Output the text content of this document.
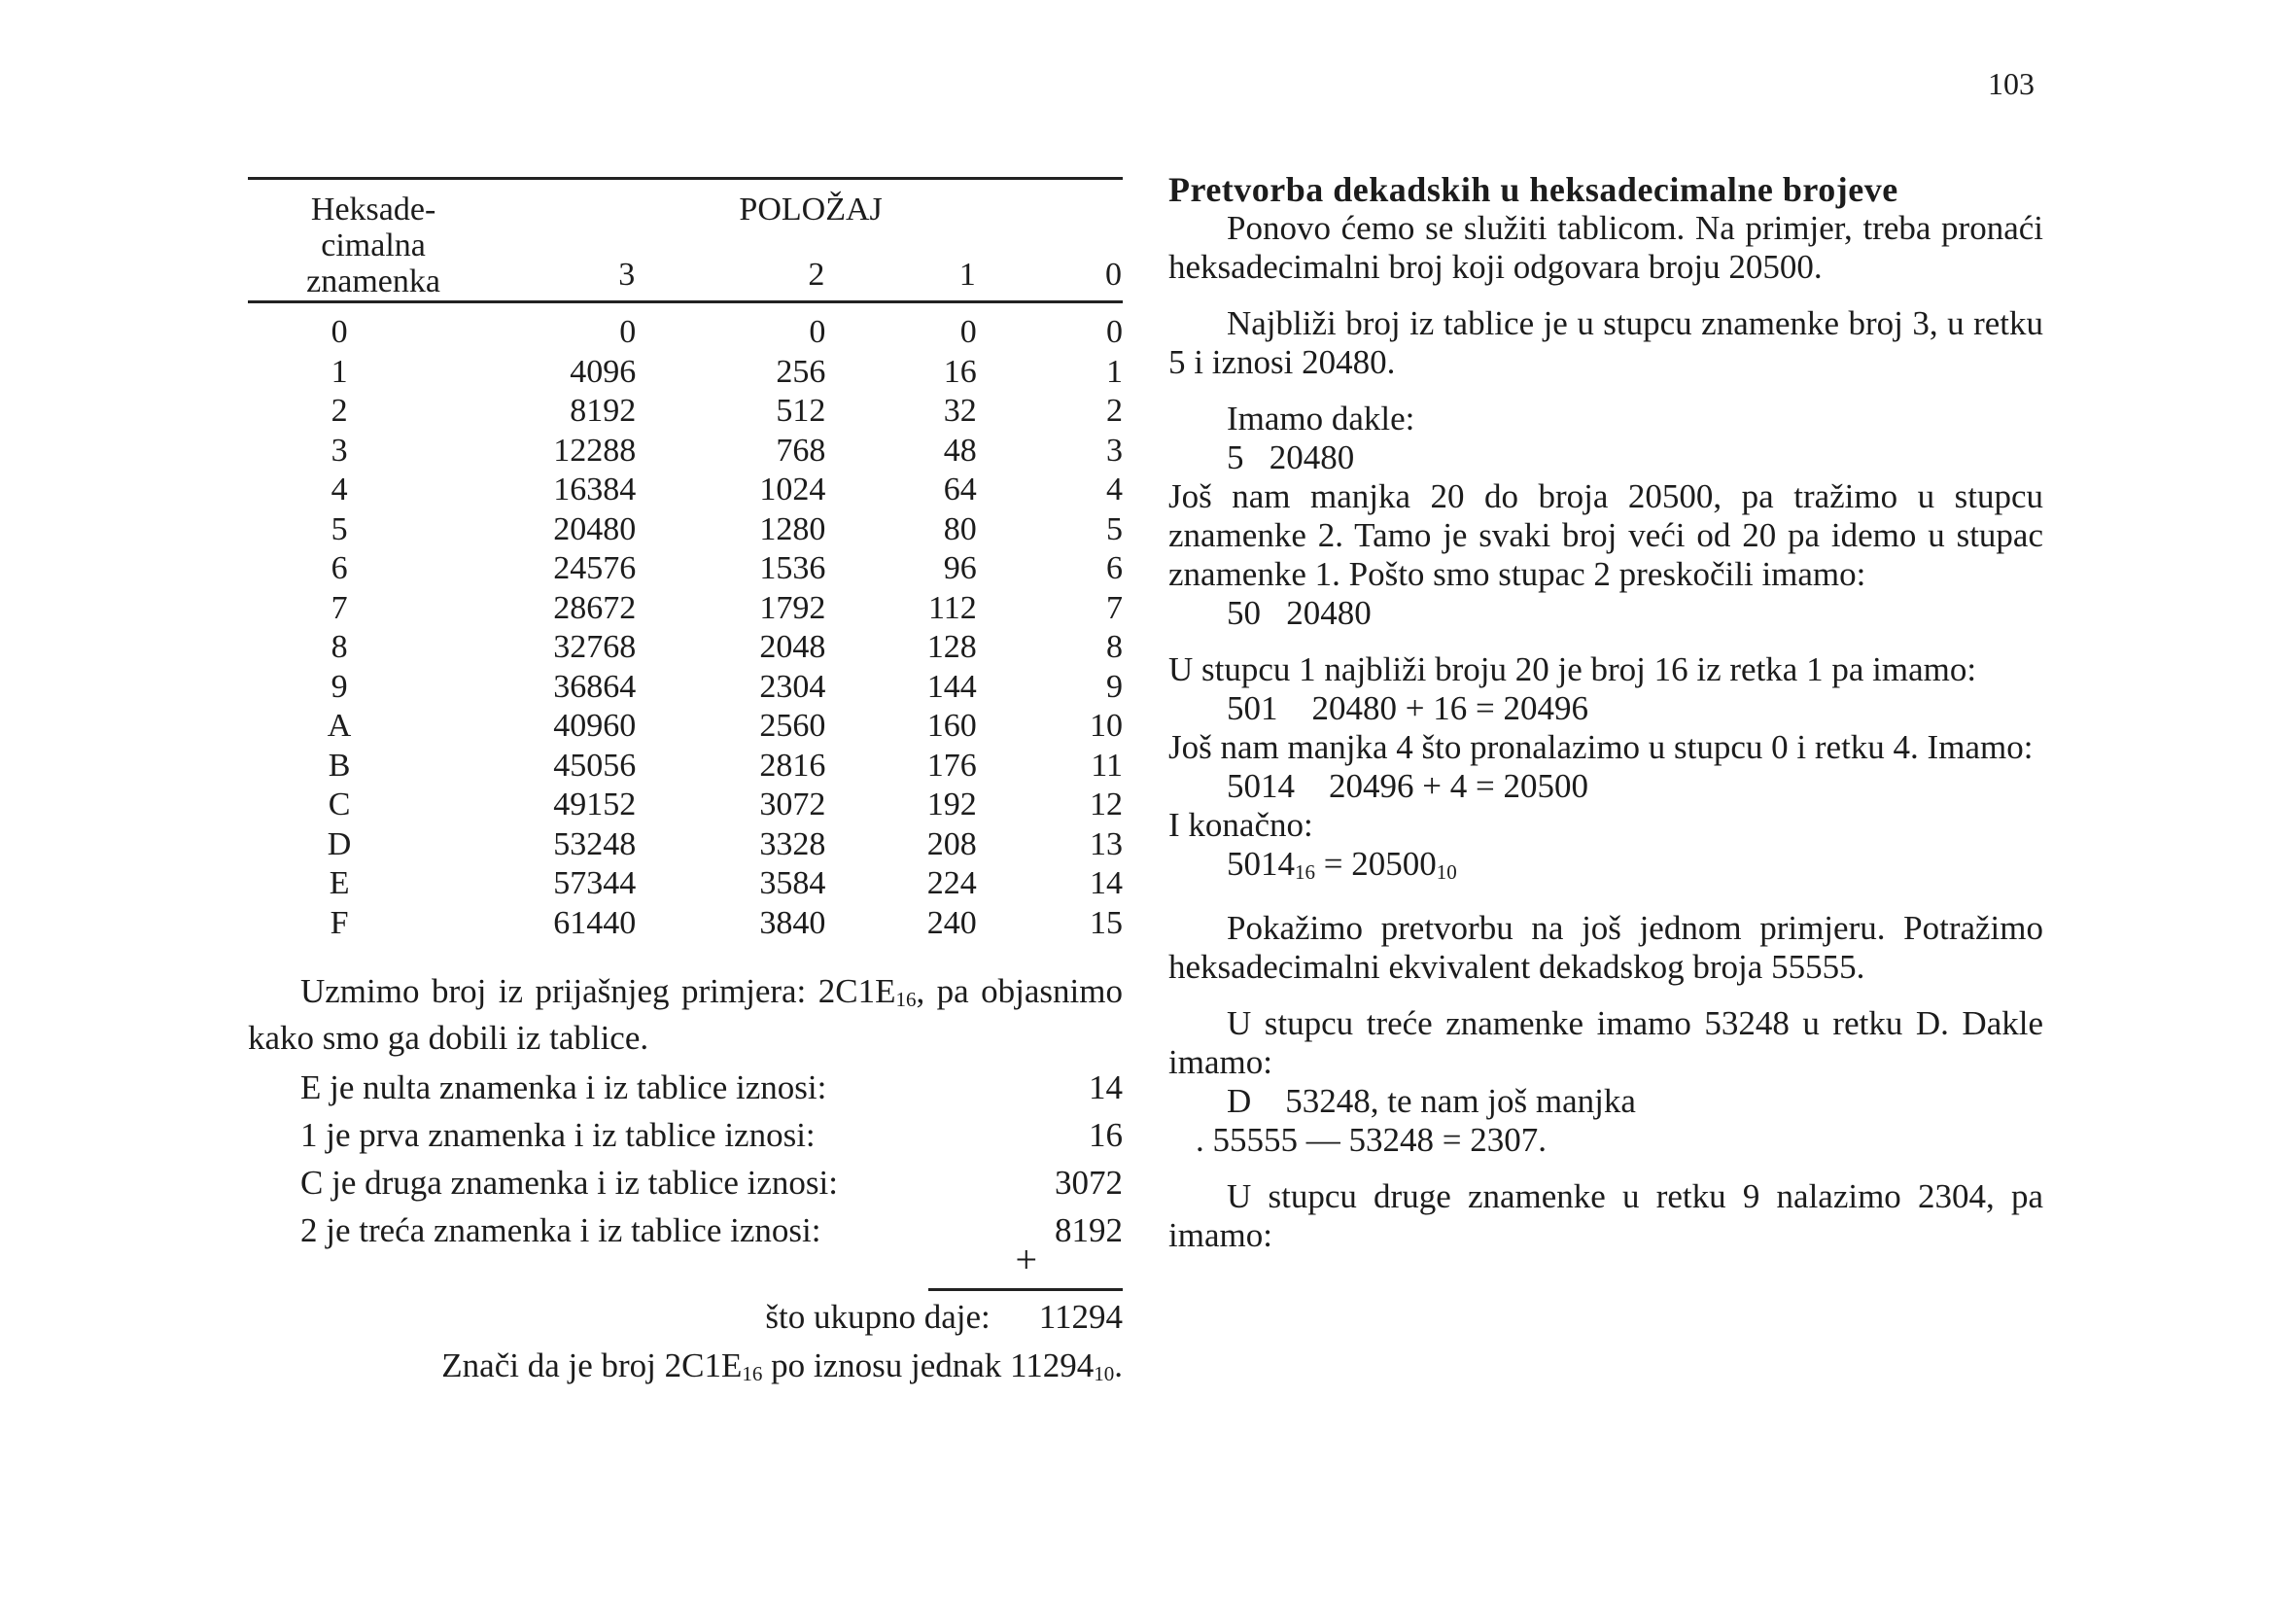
103

Heksade-
cimalna
znamenka	POLOŽAJ			
	3	2	1	0

0	0	0	0	0
1	4096	256	16	1
2	8192	512	32	2
3	12288	768	48	3
4	16384	1024	64	4
5	20480	1280	80	5
6	24576	1536	96	6
7	28672	1792	112	7
8	32768	2048	128	8
9	36864	2304	144	9
A	40960	2560	160	10
B	45056	2816	176	11
C	49152	3072	192	12
D	53248	3328	208	13
E	57344	3584	224	14
F	61440	3840	240	15

Uzmimo broj iz prijašnjeg primjera: $2C1E_{16}$, pa objasnimo kako smo ga dobili iz tablice.

E je nulta znamenka i iz tablice iznosi:	14
1 je prva znamenka i iz tablice iznosi:	16
C je druga znamenka i iz tablice iznosi:	3072
2 je treća znamenka i iz tablice iznosi:	8192
+
što ukupno daje: 11294
Znači da je broj $2C1E_{16}$ po iznosu jednak $11294_{10}$.

Pretvorba dekadskih u heksadecimalne brojeve

Ponovo ćemo se služiti tablicom. Na primjer, treba pronaći heksadecimalni broj koji odgovara broju 20500.

Najbliži broj iz tablice je u stupcu znamenke broj 3, u retku 5 i iznosi 20480.

Imamo dakle:

5   20480

Još nam manjka 20 do broja 20500, pa tražimo u stupcu znamenke 2. Tamo je svaki broj veći od 20 pa idemo u stupac znamenke 1. Pošto smo stupac 2 preskočili imamo:

50   20480

U stupcu 1 najbliži broju 20 je broj 16 iz retka 1 pa imamo:

501    20480 + 16 = 20496

Još nam manjka 4 što pronalazimo u stupcu 0 i retku 4. Imamo:

5014    20496 + 4 = 20500

I konačno:

$5014_{16} = 20500_{10}$

Pokažimo pretvorbu na još jednom primjeru. Potražimo heksadecimalni ekvivalent dekadskog broja 55555.

U stupcu treće znamenke imamo 53248 u retku D. Dakle imamo:

D    53248, te nam još manjka

. 55555 — 53248 = 2307.

U stupcu druge znamenke u retku 9 nalazimo 2304, pa imamo:
